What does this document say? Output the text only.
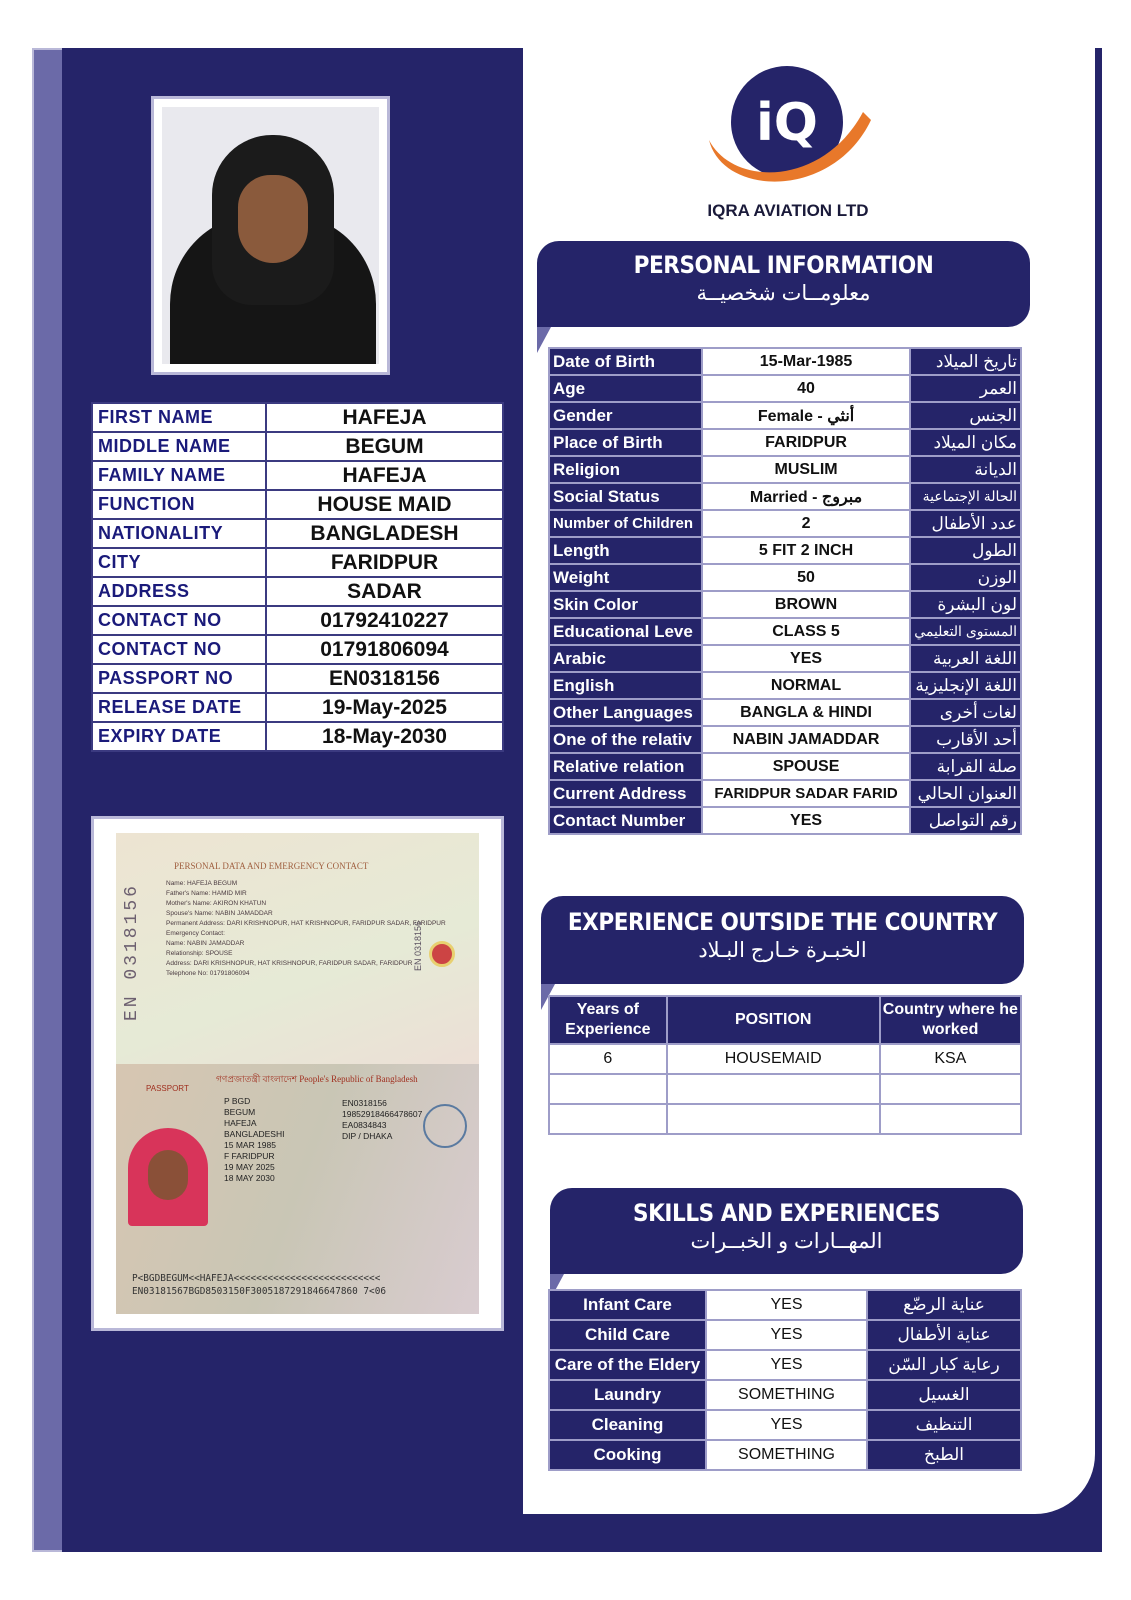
FIRST NAME	HAFEJA
MIDDLE NAME	BEGUM
FAMILY NAME	HAFEJA
FUNCTION	HOUSE MAID
NATIONALITY	BANGLADESH
CITY	FARIDPUR
ADDRESS	SADAR
CONTACT NO	01792410227
CONTACT NO	01791806094
PASSPORT NO	EN0318156
RELEASE DATE	19-May-2025
EXPIRY DATE	18-May-2030
EN 0318156
PERSONAL DATA AND EMERGENCY CONTACT
Name: HAFEJA BEGUM
Father's Name: HAMID MIR
Mother's Name: AKIRON KHATUN
Spouse's Name: NABIN JAMADDAR
Permanent Address: DARI KRISHNOPUR, HAT KRISHNOPUR, FARIDPUR SADAR, FARIDPUR
Emergency Contact:
Name: NABIN JAMADDAR
Relationship: SPOUSE
Address: DARI KRISHNOPUR, HAT KRISHNOPUR, FARIDPUR SADAR, FARIDPUR
Telephone No: 01791806094
EN 0318156
PASSPORT
গণপ্রজাতন্ত্রী বাংলাদেশ People's Republic of Bangladesh
P BGD
BEGUM
HAFEJA
BANGLADESHI
15 MAR 1985
F FARIDPUR
19 MAY 2025
18 MAY 2030
EN0318156
19852918466478607
EA0834843
DIP / DHAKA
P<BGDBEGUM<<HAFEJA<<<<<<<<<<<<<<<<<<<<<<<<<<
EN03181567BGD8503150F3005187291846647860 7<06
iQ
IQRA AVIATION LTD
PERSONAL INFORMATION
معلومــات شخصيــة
Date of Birth	15-Mar-1985	تاريخ الميلاد
Age	40	العمر
Gender	Female - أنثي	الجنس
Place of Birth	FARIDPUR	مكان الميلاد
Religion	MUSLIM	الديانة
Social Status	Married - مبروج	الحالة الإجتماعية
Number of Children	2	عدد الأطفال
Length	5 FIT 2 INCH	الطول
Weight	50	الوزن
Skin Color	BROWN	لون البشرة
Educational Leve	CLASS 5	المستوى التعليمي
Arabic	YES	اللغة العربية
English	NORMAL	اللغة الإنجليزية
Other Languages	BANGLA & HINDI	لغات أخرى
One of the relativ	NABIN JAMADDAR	أحد الأقارب
Relative relation	SPOUSE	صلة القرابة
Current Address	FARIDPUR SADAR FARID	العنوان الحالي
Contact Number	YES	رقم التواصل
EXPERIENCE OUTSIDE THE COUNTRY
الخبـرة خـارج البـلاد
Years of Experience	POSITION	Country where he worked
6	HOUSEMAID	KSA

SKILLS AND EXPERIENCES
المهــارات و الخبــرات
Infant Care	YES	عناية الرضّع
Child Care	YES	عناية الأطفال
Care of the Eldery	YES	رعاية كبار السّن
Laundry	SOMETHING	الغسيل
Cleaning	YES	التنظيف
Cooking	SOMETHING	الطبخ
